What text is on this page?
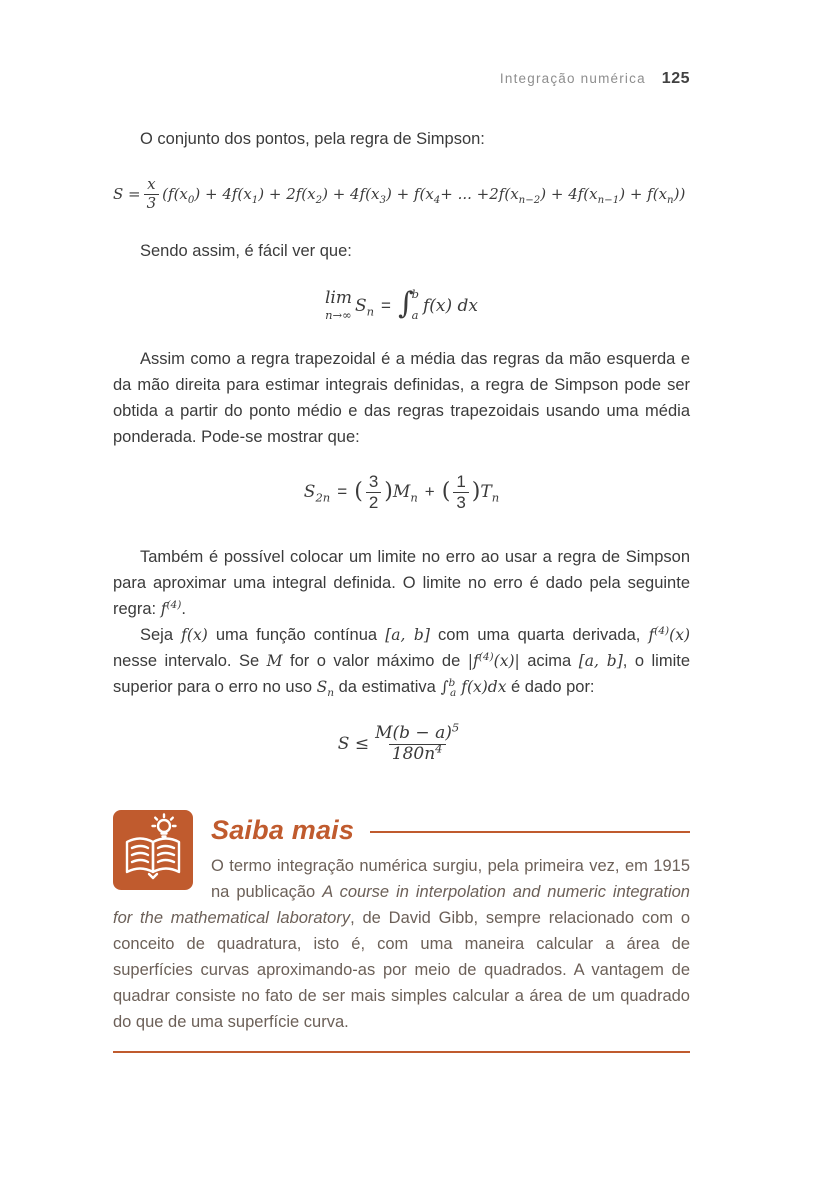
Integração numérica 125

O conjunto dos pontos, pela regra de Simpson:

$S = \frac{x}{3} (f(x_0) + 4f(x_1) + 2f(x_2) + 4f(x_3) + f(x_4+$ ... $+2f(x_{n-2}) + 4f(x_{n-1}) + f(x_n)$)

Sendo assim, é fácil ver que:

lim
n→∞ $S_n$ = ∫
b
a f(x) dx

Assim como a regra trapezoidal é a média das regras da mão esquerda e da mão direita para estimar integrais definidas, a regra de Simpson pode ser obtida a partir do ponto médio e das regras trapezoidais usando uma média ponderada. Pode-se mostrar que:

$S_{2n}$ = ( $\frac{3}{2}$ ) $M_n$ + ( $\frac{1}{3}$ ) $T_n$

Também é possível colocar um limite no erro ao usar a regra de Simpson para aproximar uma integral definida. O limite no erro é dado pela seguinte regra: $f^{(4)}$.

Seja f(x) uma função contínua [a, b] com uma quarta derivada, $f^{(4)}(x)$ nesse intervalo. Se M for o valor máximo de $|f^{(4)}(x)|$ acima [a, b], o limite superior para o erro no uso $S_n$ da estimativa ∫$^b_a$ f(x)dx é dado por:

$S \le \frac{M(b - a)^5}{180n^4}$
Saiba mais

O termo integração numérica surgiu, pela primeira vez, em 1915 na publicação A course in interpolation and numeric integration for the mathematical laboratory, de David Gibb, sempre relacionado com o conceito de quadratura, isto é, com uma maneira calcular a área de superfícies curvas aproximando-as por meio de quadrados. A vantagem de quadrar consiste no fato de ser mais simples calcular a área de um quadrado do que de uma superfície curva.
